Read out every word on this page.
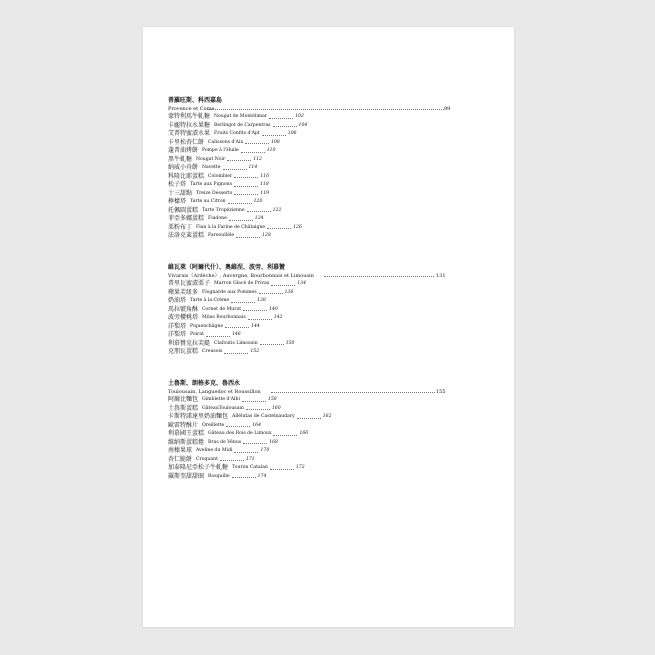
普羅旺斯、科西嘉島
Provence et Corse	99
蒙特利馬牛軋糖 Nougat de Montélimar	102
卡龐特拉水果糖 Berlingot de Carpentras	104
艾普特蜜漬水果 Fruits Confits d'Apt	106
卡里松杏仁餅 Calissons d'Aix	108
蓬普油烤餅 Pompe à l'Huile	110
黑牛軋糖 Nougat Noir	112
納威小舟餅 Navette	114
科隆比耶蛋糕 Colombier	116
松子塔 Tarte aux Pignons	118
十三甜點 Treize Desserts	119
檸檬塔 Tarte au Citron	120
托佩圓蛋糕 Tarte Tropézienne	122
菲亞多娜蛋糕 Fiadone	124
栗粉布丁 Flan à la Farine de Châtaigne	126
法洛克萊蛋糕 Fareoullèle	128
維瓦萊（阿爾代什）、奧維涅、波旁、利慕贊
Vivarais（Ardèche）, Auvergne, Bourbonnais et Limousin	131
普里瓦蜜漬栗子 Marron Glacé de Privas	134
蘋果芙紐多 Flognarde aux Pommes	136
奶油塔 Tarte à la Crème	138
馬拉號角酥 Cornet de Murat	140
波旁櫻桃塔 Milas Bourbonnais	142
洋梨塔 Piquenchâgne	144
洋梨塔 Poirat	146
利慕贊克拉芙緹 Clafoutis Limousin	150
克朋瓦蛋糕 Creusois	152
土魯斯、朗格多克、魯西永
Toulousain, Languedoc et Roussillon	155
阿爾比麵包 Gimblette d'Albi	158
土魯斯蛋糕 GâteauToulousain	160
卡斯特諾達里奶油麵包 Allélutas de Castelnaudary	162
歐雷特酥片 Oreillette	164
利慕國王蛋糕 Gâteau des Rois de Limoux	166
維納斯蛋糕捲 Bras de Vénus	168
南榛果球 Aveline du Midi	170
杏仁脆餅 Croquant	171
加泰隆尼亞松子牛軋糖 Touron Catalan	172
羅斯奎甜甜圈 Rosquille	174
